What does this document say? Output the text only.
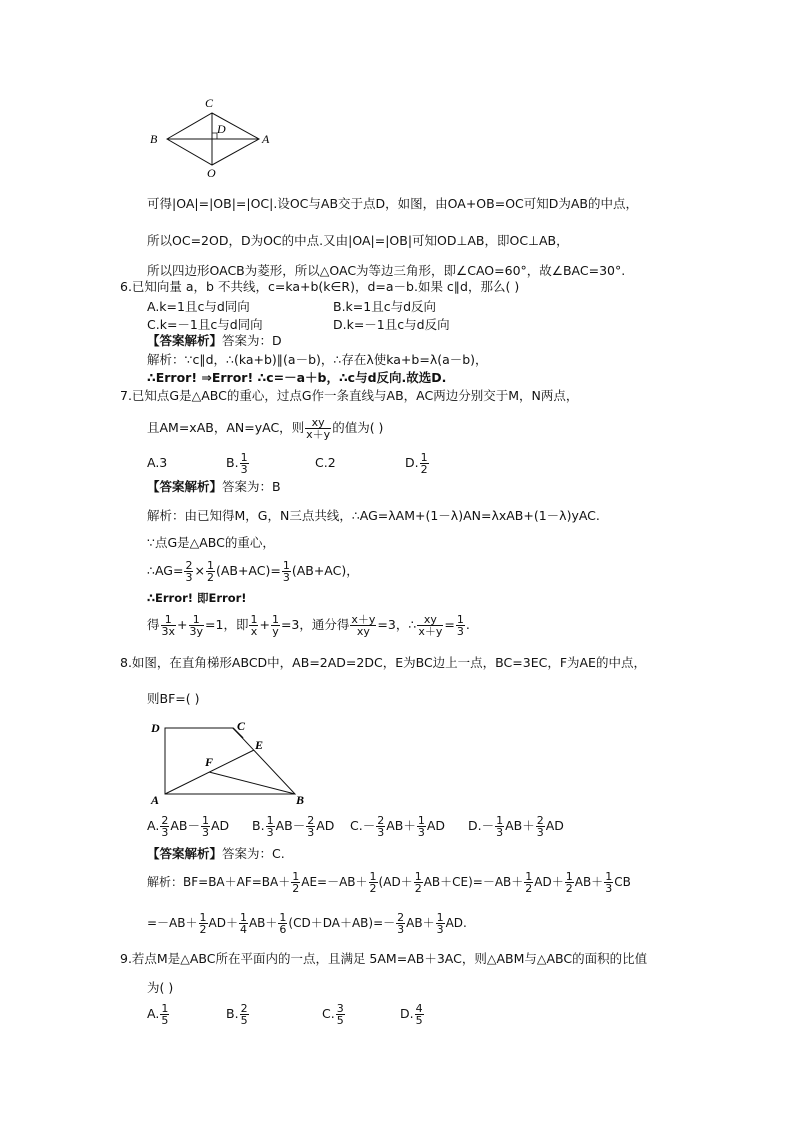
C
B
D
A
O
可得|OA|=|OB|=|OC|.设OC与AB交于点D，如图，由OA+OB=OC可知D为AB的中点，
所以OC=2OD，D为OC的中点.又由|OA|=|OB|可知OD⊥AB，即OC⊥AB，
所以四边形OACB为菱形，所以△OAC为等边三角形，即∠CAO=60°，故∠BAC=30°.
6.已知向量 a，b 不共线，c=ka+b(k∈R)，d=a－b.如果 c∥d，那么( )
A.k=1且c与d同向	B.k=1且c与d反向
C.k=－1且c与d同向	D.k=－1且c与d反向
【答案解析】答案为：D
解析：∵c∥d，∴(ka+b)∥(a－b)，∴存在λ使ka+b=λ(a－b)，
∴Error! ⇒Error! ∴c=－a＋b，∴c与d反向.故选D.
7.已知点G是△ABC的重心，过点G作一条直线与AB，AC两边分别交于M，N两点，
且AM=xAB，AN=yAC，则 $\frac{xy}{x+y}$ 的值为( )
A.3	B. $\frac{1}{3}$	C.2	D. $\frac{1}{2}$
【答案解析】答案为：B
解析：由已知得M，G，N三点共线，∴AG=λAM+(1－λ)AN=λxAB+(1－λ)yAC.
∵点G是△ABC的重心，
∴AG= $\frac{2}{3} \times \frac{1}{2} (AB+AC)= \frac{1}{3} (AB+AC)$，
∴Error! 即Error!
得 $\frac{1}{3x} + \frac{1}{3y} =1$，即 $\frac{1}{x} + \frac{1}{y} =3$，通分得 $\frac{x+y}{xy} =3$，∴ $\frac{xy}{x+y} = \frac{1}{3}$ .
8.如图，在直角梯形ABCD中，AB=2AD=2DC，E为BC边上一点，BC=3EC，F为AE的中点，
则BF=( )
D	C
E
F
A	B
A. $\frac{2}{3} AB- \frac{1}{3}$ AD B. $\frac{1}{3} AB- \frac{2}{3}$ AD $C.- \frac{2}{3} AB+ \frac{1}{3}$ AD $D.- \frac{1}{3} AB+ \frac{2}{3}$ AD
【答案解析】答案为：C.
解析：$BF=BA+AF=BA+ \frac{1}{2} AE=-AB+ \frac{1}{2} (AD+ \frac{1}{2} AB+CE)=-AB+ \frac{1}{2} AD+ \frac{1}{2} AB+ \frac{1}{3}$ CB
$=-AB+ \frac{1}{2} AD+ \frac{1}{4} AB+ \frac{1}{6} (CD+DA+AB)=- \frac{2}{3} AB+ \frac{1}{3}$ AD.
9.若点M是△ABC所在平面内的一点，且满足 5AM=AB＋3AC，则△ABM与△ABC的面积的比值
为( )
A. $\frac{1}{5}$	B. $\frac{2}{5}$	C. $\frac{3}{5}$	D. $\frac{4}{5}$
